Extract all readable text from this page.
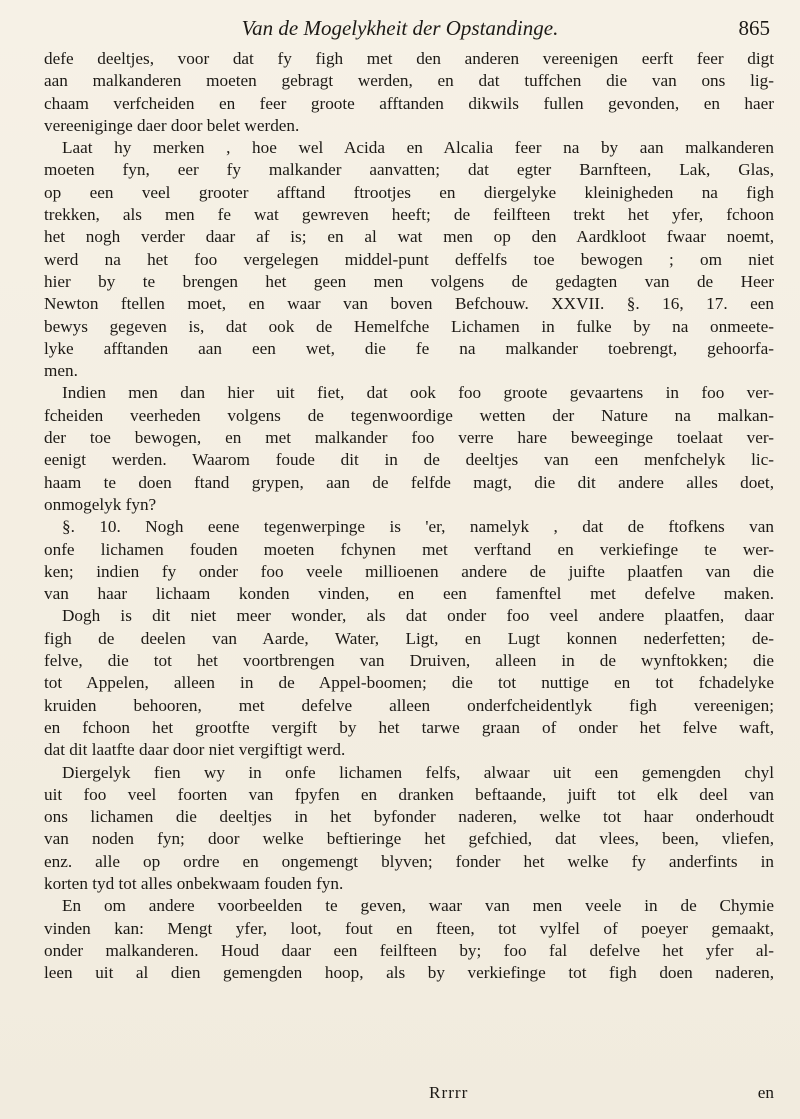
Van de Mogelykheit der Opstandinge.	865
defe deeltjes, voor dat fy figh met den anderen vereenigen eerft feer digt
aan malkanderen moeten gebragt werden, en dat tuffchen die van ons lig-
chaam verfcheiden en feer groote afftanden dikwils fullen gevonden, en haer
vereeniginge daer door belet werden.
Laat hy merken , hoe wel Acida en Alcalia feer na by aan malkanderen
moeten fyn, eer fy malkander aanvatten; dat egter Barnfteen, Lak, Glas,
op een veel grooter afftand ftrootjes en diergelyke kleinigheden na figh
trekken, als men fe wat gewreven heeft; de feilfteen trekt het yfer, fchoon
het nogh verder daar af is; en al wat men op den Aardkloot fwaar noemt,
werd na het foo vergelegen middel-punt deffelfs toe bewogen ; om niet
hier by te brengen het geen men volgens de gedagten van de Heer
Newton ftellen moet, en waar van boven Befchouw. XXVII. §. 16, 17. een
bewys gegeven is, dat ook de Hemelfche Lichamen in fulke by na onmeete-
lyke afftanden aan een wet, die fe na malkander toebrengt, gehoorfa-
men.
Indien men dan hier uit fiet, dat ook foo groote gevaartens in foo ver-
fcheiden veerheden volgens de tegenwoordige wetten der Nature na malkan-
der toe bewogen, en met malkander foo verre hare beweeginge toelaat ver-
eenigt werden. Waarom foude dit in de deeltjes van een menfchelyk lic-
haam te doen ftand grypen, aan de felfde magt, die dit andere alles doet,
onmogelyk fyn?
§. 10. Nogh eene tegenwerpinge is 'er, namelyk , dat de ftofkens van
onfe lichamen fouden moeten fchynen met verftand en verkiefinge te wer-
ken; indien fy onder foo veele millioenen andere de juifte plaatfen van die
van haar lichaam konden vinden, en een famenftel met defelve maken.
Dogh is dit niet meer wonder, als dat onder foo veel andere plaatfen, daar
figh de deelen van Aarde, Water, Ligt, en Lugt konnen nederfetten; de-
felve, die tot het voortbrengen van Druiven, alleen in de wynftokken; die
tot Appelen, alleen in de Appel-boomen; die tot nuttige en tot fchadelyke
kruiden behooren, met defelve alleen onderfcheidentlyk figh vereenigen;
en fchoon het grootfte vergift by het tarwe graan of onder het felve waft,
dat dit laatfte daar door niet vergiftigt werd.
Diergelyk fien wy in onfe lichamen felfs, alwaar uit een gemengden chyl
uit foo veel foorten van fpyfen en dranken beftaande, juift tot elk deel van
ons lichamen die deeltjes in het byfonder naderen, welke tot haar onderhoudt
van noden fyn; door welke beftieringe het gefchied, dat vlees, been, vliefen,
enz. alle op ordre en ongemengt blyven; fonder het welke fy anderfints in
korten tyd tot alles onbekwaam fouden fyn.
En om andere voorbeelden te geven, waar van men veele in de Chymie
vinden kan: Mengt yfer, loot, fout en fteen, tot vylfel of poeyer gemaakt,
onder malkanderen. Houd daar een feilfteen by; foo fal defelve het yfer al-
leen uit al dien gemengden hoop, als by verkiefinge tot figh doen naderen,
Rrrrr	en
